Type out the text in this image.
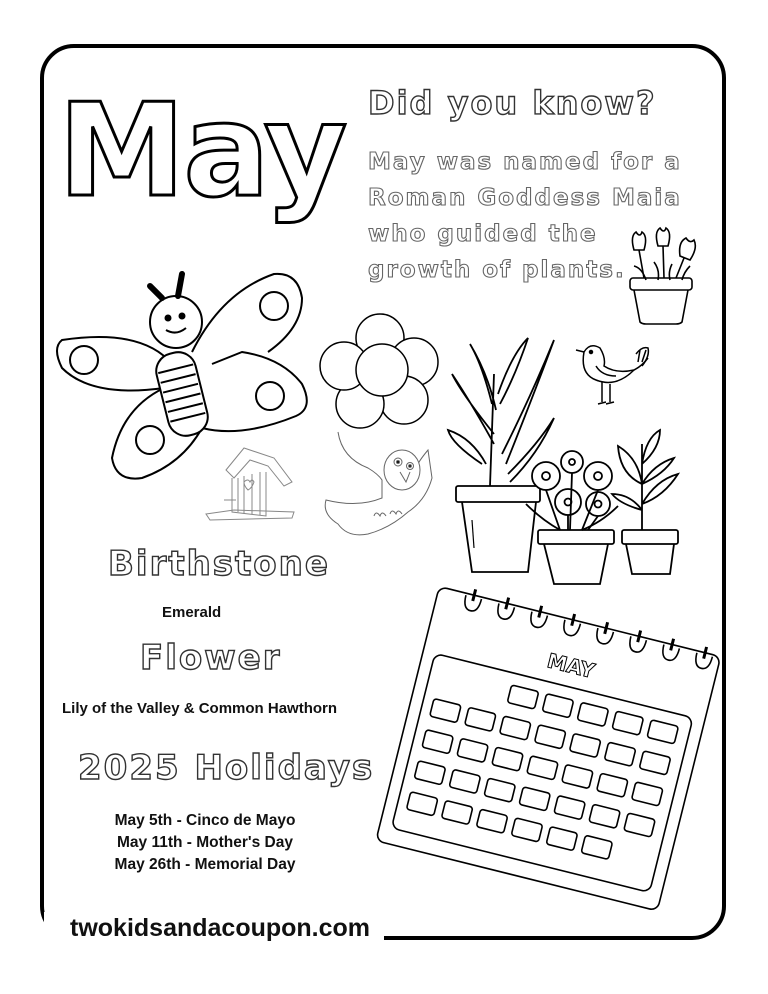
May Did you know?
May was named for a
Roman Goddess Maia
who guided the
growth of plants.
Birthstone
Emerald
Flower
Lily of the Valley & Common Hawthorn
2025 Holidays
May 5th - Cinco de Mayo
May 11th - Mother's Day
May 26th - Memorial Day
MAY
twokidsandacoupon.com
